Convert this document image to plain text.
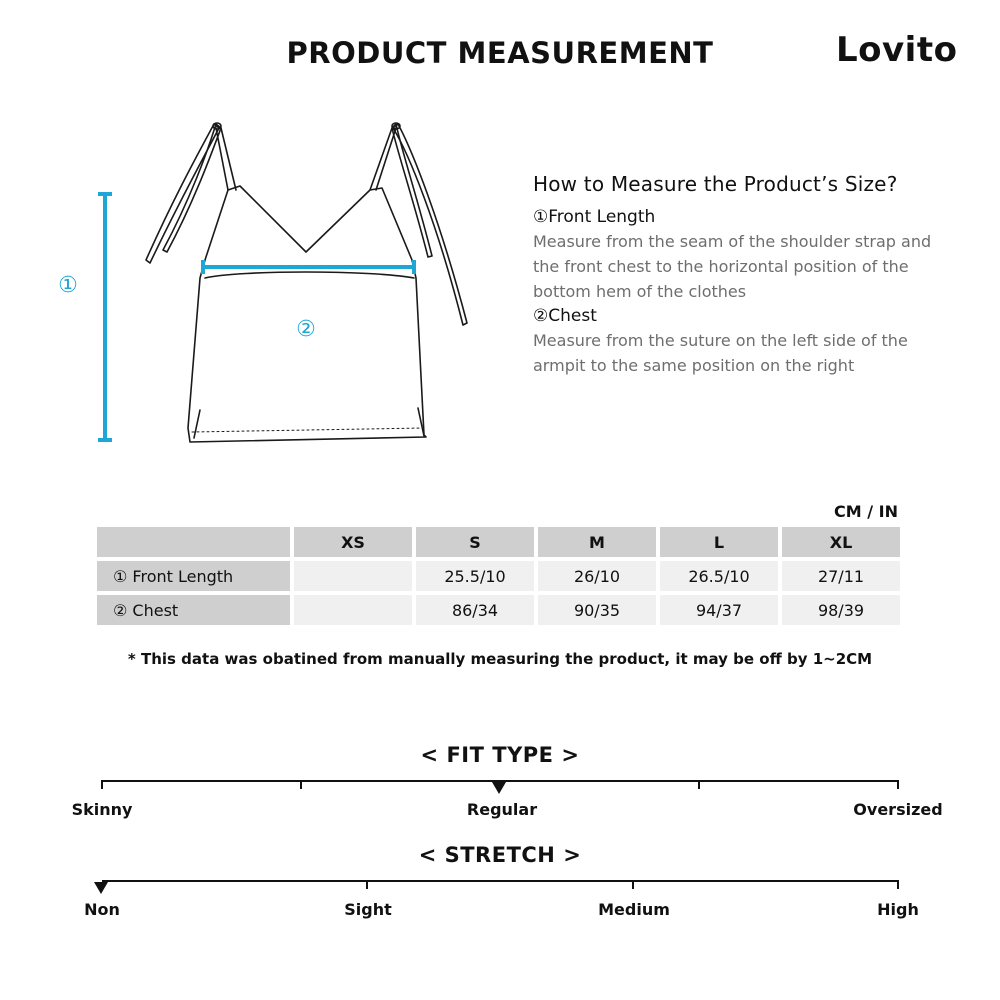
PRODUCT MEASUREMENT	Lovito
①
②
How to Measure the Product’s Size?
①Front Length
Measure from the seam of the shoulder strap and the front chest to the horizontal position of the bottom hem of the clothes
②Chest
Measure from the suture on the left side of the armpit to the same position on the right
CM / IN
	XS	S	M	L	XL
① Front Length		25.5/10	26/10	26.5/10	27/11
② Chest		86/34	90/35	94/37	98/39
* This data was obatined from manually measuring the product, it may be off by 1~2CM
< FIT TYPE >
Skinny	Regular	Oversized
< STRETCH >
Non	Sight	Medium	High
